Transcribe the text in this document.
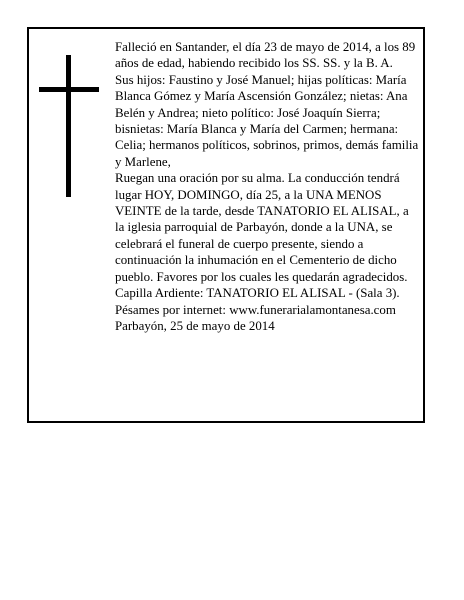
Falleció en Santander, el día 23 de mayo de 2014, a los 89 años de edad, habiendo recibido los SS. SS. y la B. A.

Sus hijos: Faustino y José Manuel; hijas políticas: María Blanca Gómez y María Ascensión González; nietas: Ana Belén y Andrea; nieto político: José Joaquín Sierra; bisnietas: María Blanca y María del Carmen; hermana: Celia; hermanos políticos, sobrinos, primos, demás familia y Marlene,

Ruegan una oración por su alma. La conducción tendrá lugar HOY, DOMINGO, día 25, a la UNA MENOS VEINTE de la tarde, desde TANATORIO EL ALISAL, a la iglesia parroquial de Parbayón, donde a la UNA, se celebrará el funeral de cuerpo presente, siendo a continuación la inhumación en el Cementerio de dicho pueblo. Favores por los cuales les quedarán agradecidos. Capilla Ardiente: TANATORIO EL ALISAL - (Sala 3).

Pésames por internet: www.funerarialamontanesa.com

Parbayón, 25 de mayo de 2014
